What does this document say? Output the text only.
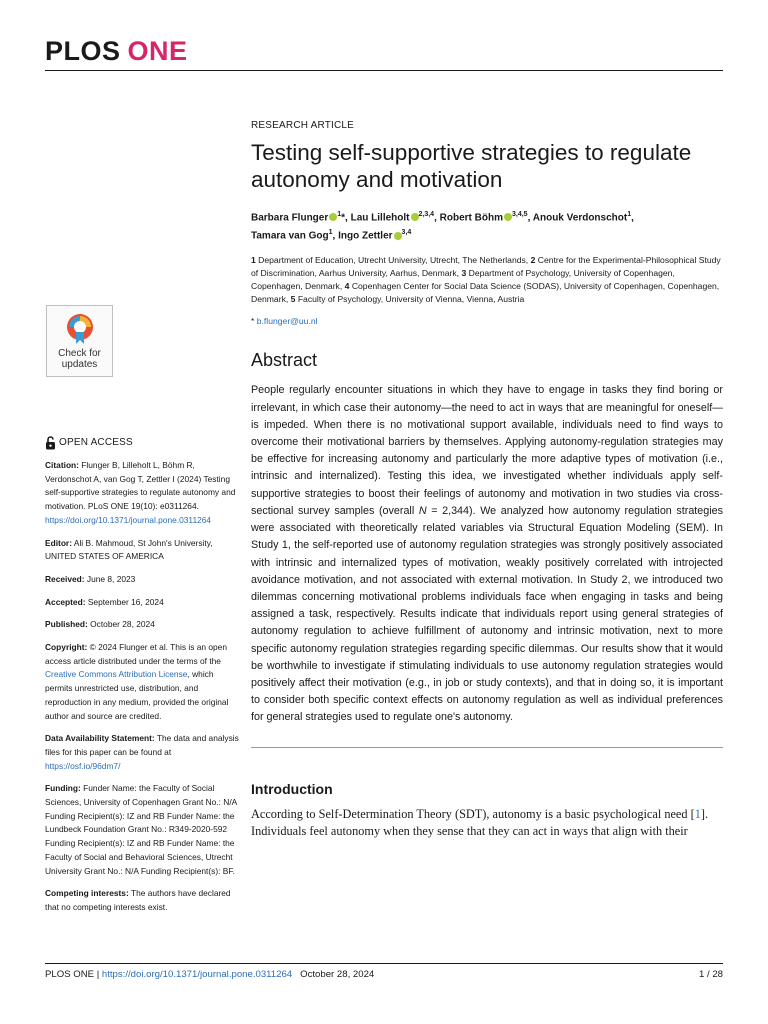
PLOS ONE
Check for
updates
OPEN ACCESS
Citation: Flunger B, Lilleholt L, Böhm R, Verdonschot A, van Gog T, Zettler I (2024) Testing self-supportive strategies to regulate autonomy and motivation. PLoS ONE 19(10): e0311264. https://doi.org/10.1371/journal.pone.0311264
Editor: Ali B. Mahmoud, St John's University, UNITED STATES OF AMERICA
Received: June 8, 2023
Accepted: September 16, 2024
Published: October 28, 2024
Copyright: © 2024 Flunger et al. This is an open access article distributed under the terms of the Creative Commons Attribution License, which permits unrestricted use, distribution, and reproduction in any medium, provided the original author and source are credited.
Data Availability Statement: The data and analysis files for this paper can be found at https://osf.io/96dm7/
Funding: Funder Name: the Faculty of Social Sciences, University of Copenhagen Grant No.: N/A Funding Recipient(s): IZ and RB Funder Name: the Lundbeck Foundation Grant No.: R349-2020-592 Funding Recipient(s): IZ and RB Funder Name: the Faculty of Social and Behavioral Sciences, Utrecht University Grant No.: N/A Funding Recipient(s): BF.
Competing interests: The authors have declared that no competing interests exist.
RESEARCH ARTICLE
Testing self-supportive strategies to regulate autonomy and motivation
Barbara Flunger $^1$*, Lau Lilleholt $^{2,3,4}$, Robert Böhm $^{3,4,5}$, Anouk Verdonschot$^1$,
Tamara van Gog$^1$, Ingo Zettler $^{3,4}$
1 Department of Education, Utrecht University, Utrecht, The Netherlands, 2 Centre for the Experimental-Philosophical Study of Discrimination, Aarhus University, Aarhus, Denmark, 3 Department of Psychology, University of Copenhagen, Copenhagen, Denmark, 4 Copenhagen Center for Social Data Science (SODAS), University of Copenhagen, Copenhagen, Denmark, 5 Faculty of Psychology, University of Vienna, Vienna, Austria
* b.flunger@uu.nl
Abstract
People regularly encounter situations in which they have to engage in tasks they find boring or irrelevant, in which case their autonomy—the need to act in ways that are meaningful for oneself—is impeded. When there is no motivational support available, individuals need to find ways to overcome their motivational barriers by themselves. Applying autonomy-regulation strategies may be effective for increasing autonomy and particularly the more adaptive types of motivation (i.e., intrinsic and internalized). Testing this idea, we investigated whether individuals apply self-supportive strategies to boost their feelings of autonomy and motivation in two studies via cross-sectional survey samples (overall N = 2,344). We analyzed how autonomy regulation strategies were associated with theoretically related variables via Structural Equation Modeling (SEM). In Study 1, the self-reported use of autonomy regulation strategies was strongly positively associated with intrinsic and internalized types of motivation, weakly positively correlated with introjected avoidance motivation, and not associated with external motivation. In Study 2, we introduced two dilemmas concerning motivational problems individuals face when engaging in tasks and being assigned a task, respectively. Results indicate that individuals report using general strategies of autonomy regulation to achieve fulfillment of autonomy and intrinsic motivation, next to more specific autonomy regulation strategies regarding specific dilemmas. Our results show that it would be worthwhile to investigate if stimulating individuals to use autonomy regulation strategies would positively affect their motivation (e.g., in job or study contexts), and that in doing so, it is important to consider both specific context effects on autonomy regulation as well as individual preferences for general strategies used to regulate one's autonomy.
Introduction
According to Self-Determination Theory (SDT), autonomy is a basic psychological need [1]. Individuals feel autonomy when they sense that they can act in ways that align with their
PLOS ONE | https://doi.org/10.1371/journal.pone.0311264 October 28, 2024	1 / 28
